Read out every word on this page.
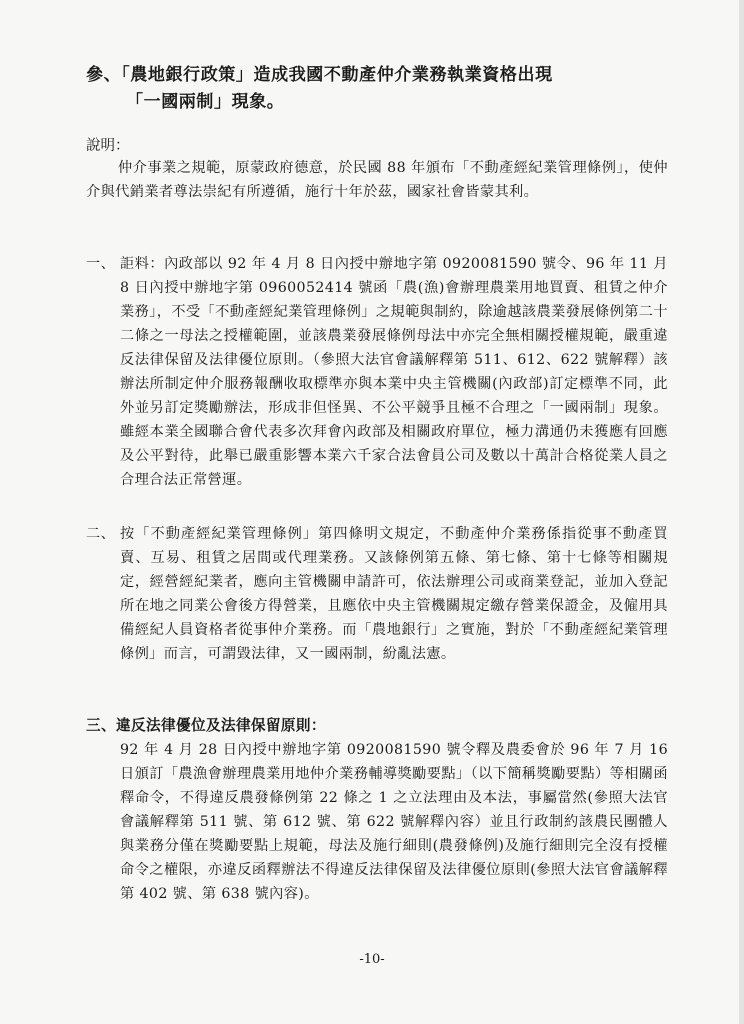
參、「農地銀行政策」造成我國不動產仲介業務執業資格出現
「一國兩制」現象。
說明：
仲介事業之規範，原蒙政府德意，於民國 88 年頒布「不動產經紀業管理條例」，使仲介與代銷業者尊法崇紀有所遵循，施行十年於茲，國家社會皆蒙其利。
一、 詎料：內政部以 92 年 4 月 8 日內授中辦地字第 0920081590 號令、96 年 11 月 8 日內授中辦地字第 0960052414 號函「農(漁)會辦理農業用地買賣、租賃之仲介業務」，不受「不動產經紀業管理條例」之規範與制約，除逾越該農業發展條例第二十二條之一母法之授權範圍，並該農業發展條例母法中亦完全無相關授權規範，嚴重違反法律保留及法律優位原則。（參照大法官會議解釋第 511、612、622 號解釋）該辦法所制定仲介服務報酬收取標準亦與本業中央主管機關(內政部)訂定標準不同，此外並另訂定獎勵辦法，形成非但怪異、不公平競爭且極不合理之「一國兩制」現象。雖經本業全國聯合會代表多次拜會內政部及相關政府單位，極力溝通仍未獲應有回應及公平對待，此舉已嚴重影響本業六千家合法會員公司及數以十萬計合格從業人員之合理合法正常營運。
二、 按「不動產經紀業管理條例」第四條明文規定，不動產仲介業務係指從事不動產買賣、互易、租賃之居間或代理業務。又該條例第五條、第七條、第十七條等相關規定，經營經紀業者，應向主管機關申請許可，依法辦理公司或商業登記，並加入登記所在地之同業公會後方得營業，且應依中央主管機關規定繳存營業保證金，及僱用具備經紀人員資格者從事仲介業務。而「農地銀行」之實施，對於「不動產經紀業管理條例」而言，可謂毀法律，又一國兩制，紛亂法憲。
三、違反法律優位及法律保留原則：
92 年 4 月 28 日內授中辦地字第 0920081590 號令釋及農委會於 96 年 7 月 16 日頒訂「農漁會辦理農業用地仲介業務輔導獎勵要點」（以下簡稱獎勵要點）等相關函釋命令，不得違反農發條例第 22 條之 1 之立法理由及本法，事屬當然(參照大法官會議解釋第 511 號、第 612 號、第 622 號解釋內容）並且行政制約該農民團體人與業務分僅在獎勵要點上規範，母法及施行細則(農發條例)及施行細則完全沒有授權命令之權限，亦違反函釋辦法不得違反法律保留及法律優位原則(參照大法官會議解釋第 402 號、第 638 號內容)。
-10-
